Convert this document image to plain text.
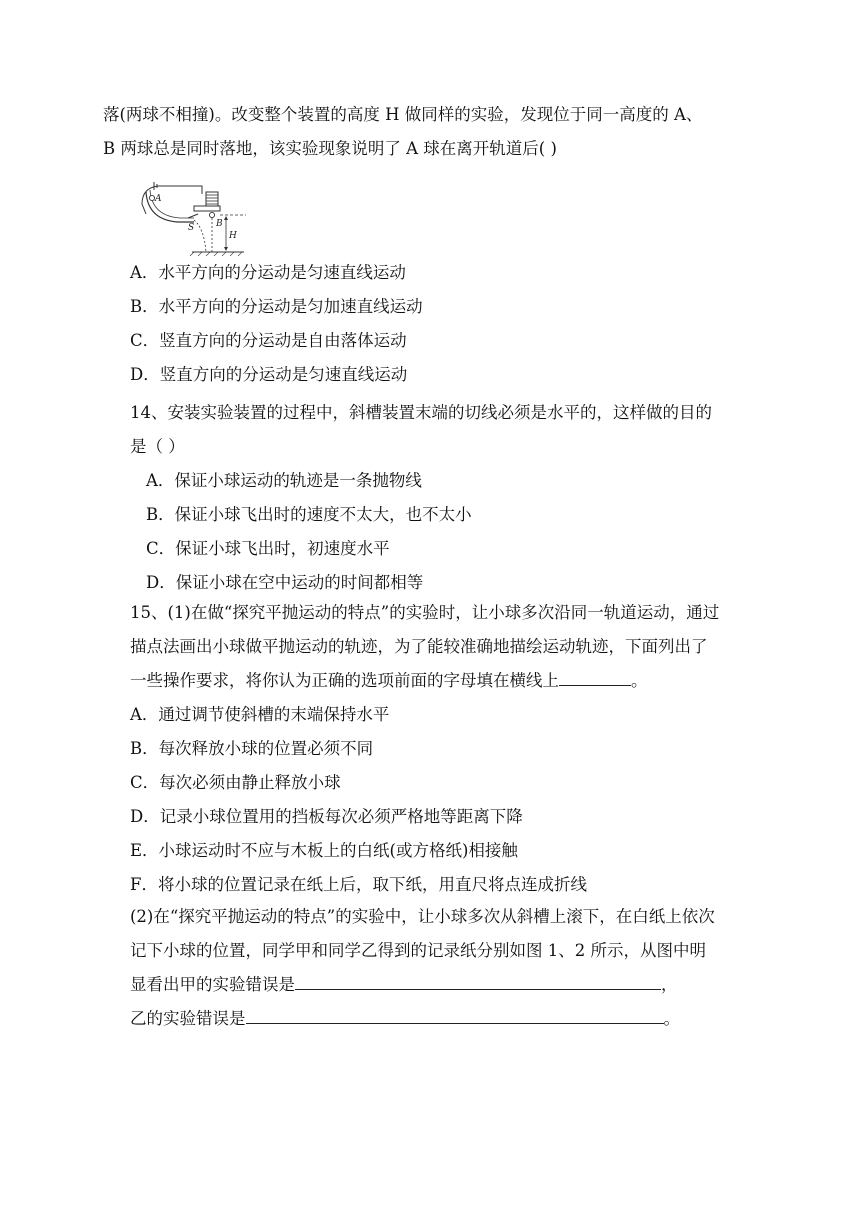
落(两球不相撞)。改变整个装置的高度 H 做同样的实验，发现位于同一高度的 A、
B 两球总是同时落地，该实验现象说明了 A 球在离开轨道后( )
A
S B
H
A．水平方向的分运动是匀速直线运动
B．水平方向的分运动是匀加速直线运动
C．竖直方向的分运动是自由落体运动
D．竖直方向的分运动是匀速直线运动
14、安装实验装置的过程中，斜槽装置末端的切线必须是水平的，这样做的目的
是（ ）
A．保证小球运动的轨迹是一条抛物线
B．保证小球飞出时的速度不太大，也不太小
C．保证小球飞出时，初速度水平
D．保证小球在空中运动的时间都相等
15、(1)在做“探究平抛运动的特点”的实验时，让小球多次沿同一轨道运动，通过
描点法画出小球做平抛运动的轨迹，为了能较准确地描绘运动轨迹，下面列出了
一些操作要求，将你认为正确的选项前面的字母填在横线上	。
A．通过调节使斜槽的末端保持水平
B．每次释放小球的位置必须不同
C．每次必须由静止释放小球
D．记录小球位置用的挡板每次必须严格地等距离下降
E．小球运动时不应与木板上的白纸(或方格纸)相接触
F．将小球的位置记录在纸上后，取下纸，用直尺将点连成折线
(2)在“探究平抛运动的特点”的实验中，让小球多次从斜槽上滚下，在白纸上依次
记下小球的位置，同学甲和同学乙得到的记录纸分别如图 1、2 所示，从图中明
显看出甲的实验错误是	，
乙的实验错误是	。
